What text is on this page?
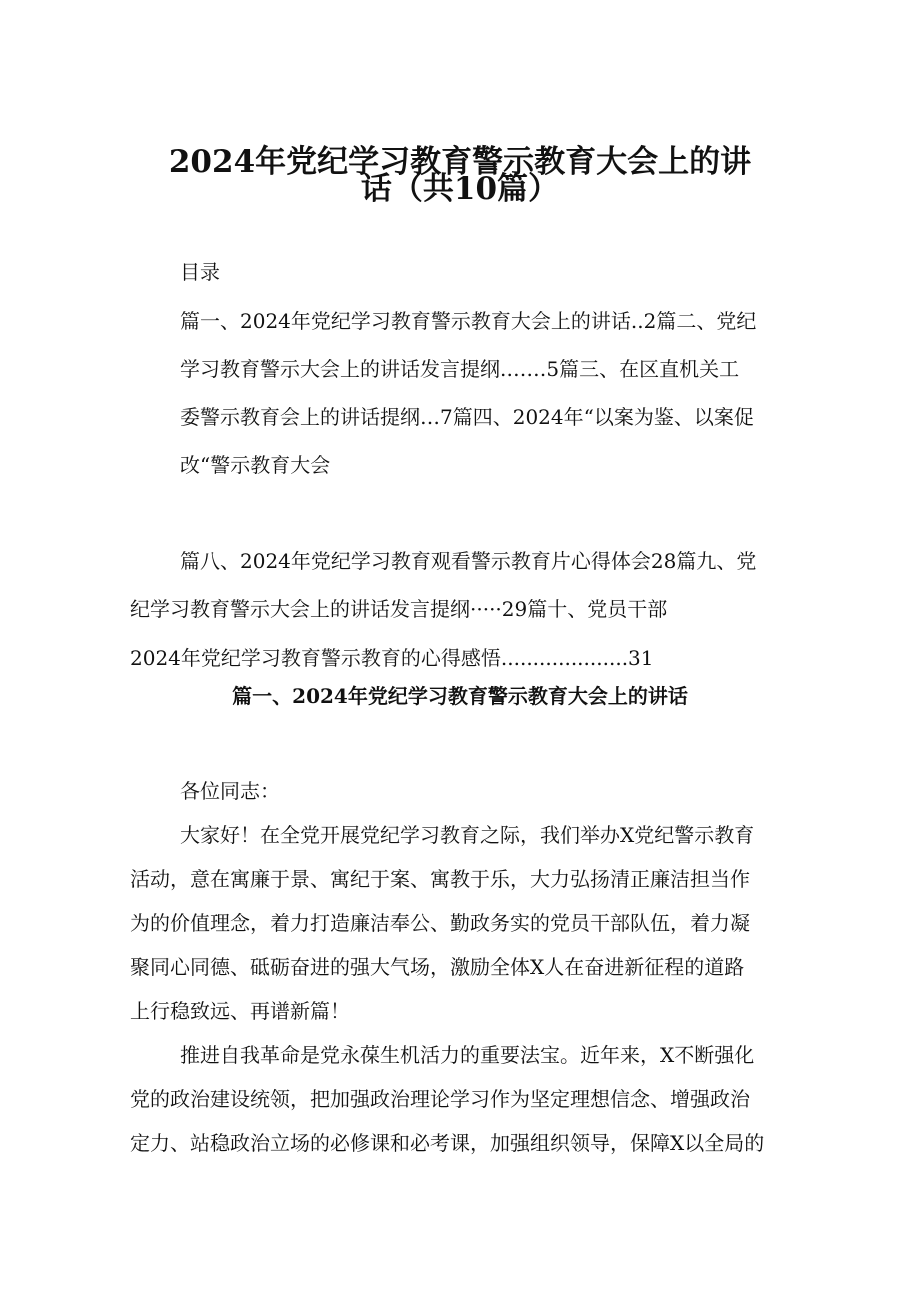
2024年党纪学习教育警示教育大会上的讲
话（共10篇）
目录
篇一、2024年党纪学习教育警示教育大会上的讲话..2篇二、党纪
学习教育警示大会上的讲话发言提纲.……5篇三、在区直机关工
委警示教育会上的讲话提纲…7篇四、2024年“以案为鉴、以案促
改“警示教育大会
篇八、2024年党纪学习教育观看警示教育片心得体会28篇九、党
纪学习教育警示大会上的讲话发言提纲·····29篇十、党员干部
2024年党纪学习教育警示教育的心得感悟....................31
篇一、2024年党纪学习教育警示教育大会上的讲话
各位同志：
大家好！在全党开展党纪学习教育之际，我们举办X党纪警示教育
活动，意在寓廉于景、寓纪于案、寓教于乐，大力弘扬清正廉洁担当作
为的价值理念，着力打造廉洁奉公、勤政务实的党员干部队伍，着力凝
聚同心同德、砥砺奋进的强大气场，激励全体X人在奋进新征程的道路
上行稳致远、再谱新篇！
推进自我革命是党永葆生机活力的重要法宝。近年来，X不断强化
党的政治建设统领，把加强政治理论学习作为坚定理想信念、增强政治
定力、站稳政治立场的必修课和必考课，加强组织领导，保障X以全局的
